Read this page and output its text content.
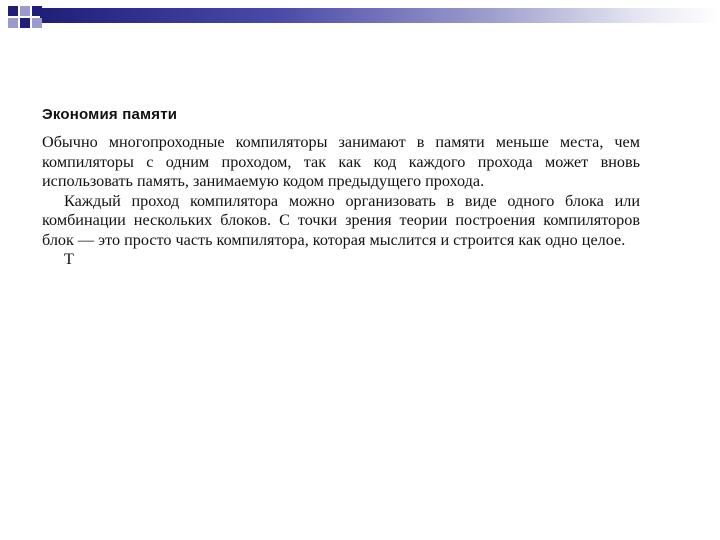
Экономия памяти

Обычно многопроходные компиляторы занимают в памяти меньше места, чем компиляторы с одним проходом, так как код каждого прохода может вновь использовать память, занимаемую кодом предыдущего прохода.

Каждый проход компилятора можно организовать в виде одного блока или комбинации нескольких блоков. С точки зрения теории построения компиляторов блок — это просто часть компилятора, которая мыслится и строится как одно целое.

Т
